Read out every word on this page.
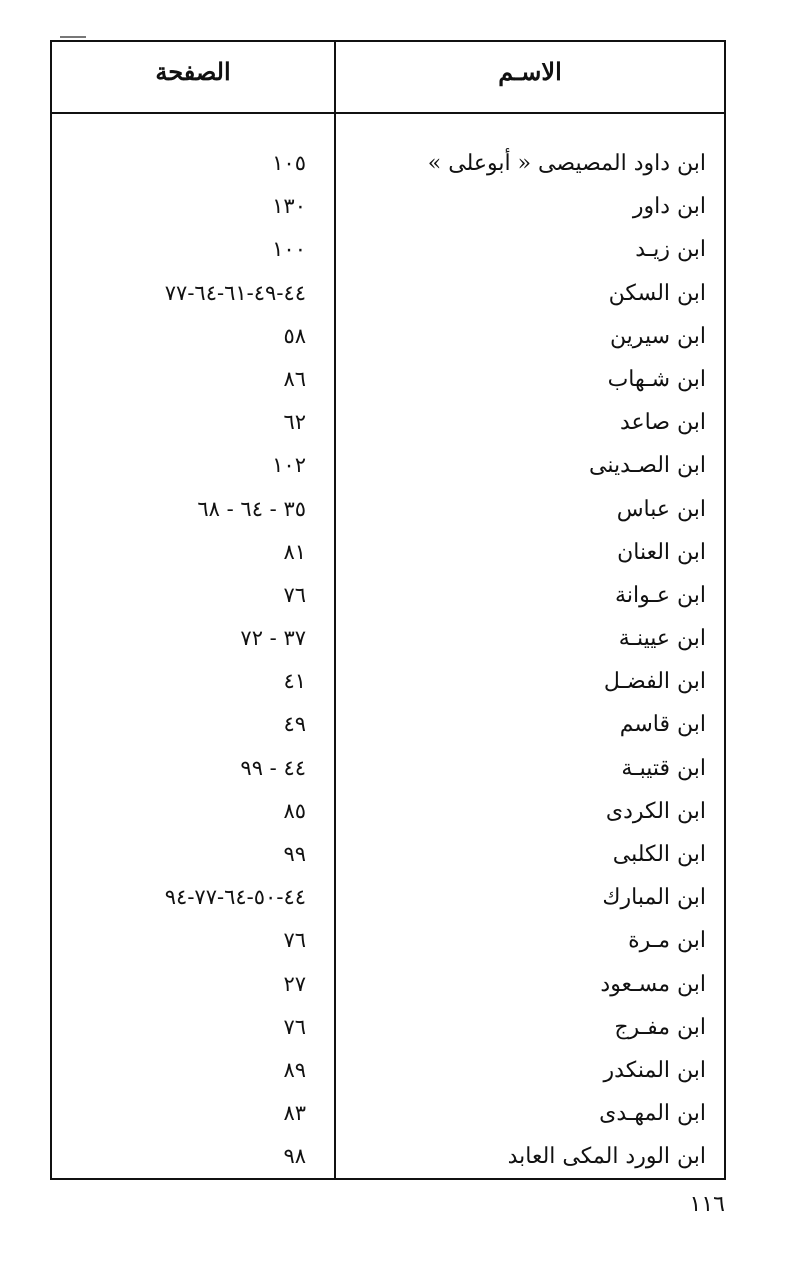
الاسـم
الصفحة
ابن داود المصيصى « أبوعلى »
١٠٥
ابن داور
١٣٠
ابن زيـد
١٠٠
ابن السكن
٤٤-٤٩-٦١-٦٤-٧٧
ابن سيرين
٥٨
ابن شـهاب
٨٦
ابن صاعد
٦٢
ابن الصـدينى
١٠٢
ابن عباس
٣٥ - ٦٤ - ٦٨
ابن العنان
٨١
ابن عـوانة
٧٦
ابن عيينـة
٣٧ - ٧٢
ابن الفضـل
٤١
ابن قاسم
٤٩
ابن قتيبـة
٤٤ - ٩٩
ابن الكردى
٨٥
ابن الكلبى
٩٩
ابن المبارك
٤٤-٥٠-٦٤-٧٧-٩٤
ابن مـرة
٧٦
ابن مسـعود
٢٧
ابن مفـرج
٧٦
ابن المنكدر
٨٩
ابن المهـدى
٨٣
ابن الورد المكى العابد
٩٨
١١٦
